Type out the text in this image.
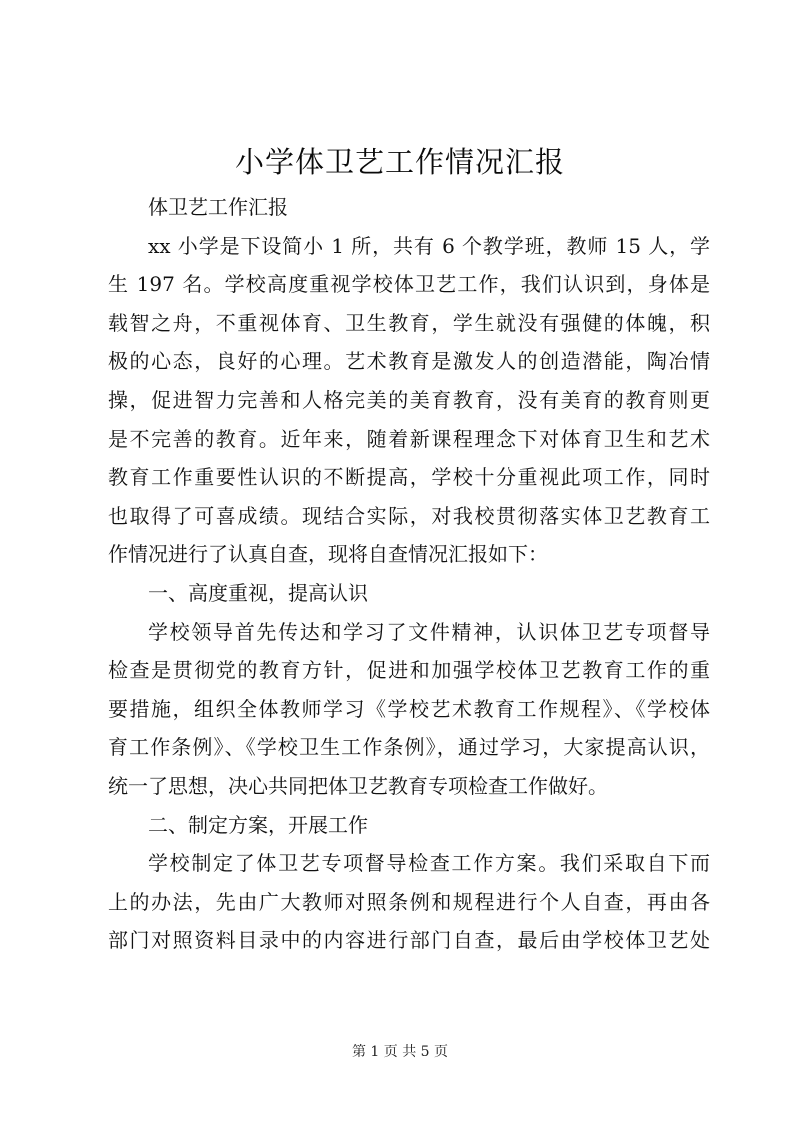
小学体卫艺工作情况汇报
体卫艺工作汇报
xx 小学是下设简小 1 所，共有 6 个教学班，教师 15 人，学
生 197 名。学校高度重视学校体卫艺工作，我们认识到，身体是
载智之舟，不重视体育、卫生教育，学生就没有强健的体魄，积
极的心态，良好的心理。艺术教育是激发人的创造潜能，陶冶情
操，促进智力完善和人格完美的美育教育，没有美育的教育则更
是不完善的教育。近年来，随着新课程理念下对体育卫生和艺术
教育工作重要性认识的不断提高，学校十分重视此项工作，同时
也取得了可喜成绩。现结合实际，对我校贯彻落实体卫艺教育工
作情况进行了认真自查，现将自查情况汇报如下：
一、高度重视，提高认识
学校领导首先传达和学习了文件精神，认识体卫艺专项督导
检查是贯彻党的教育方针，促进和加强学校体卫艺教育工作的重
要措施，组织全体教师学习《学校艺术教育工作规程》、《学校体
育工作条例》、《学校卫生工作条例》，通过学习，大家提高认识，
统一了思想，决心共同把体卫艺教育专项检查工作做好。
二、制定方案，开展工作
学校制定了体卫艺专项督导检查工作方案。我们采取自下而
上的办法，先由广大教师对照条例和规程进行个人自查，再由各
部门对照资料目录中的内容进行部门自查，最后由学校体卫艺处
第 1 页 共 5 页
